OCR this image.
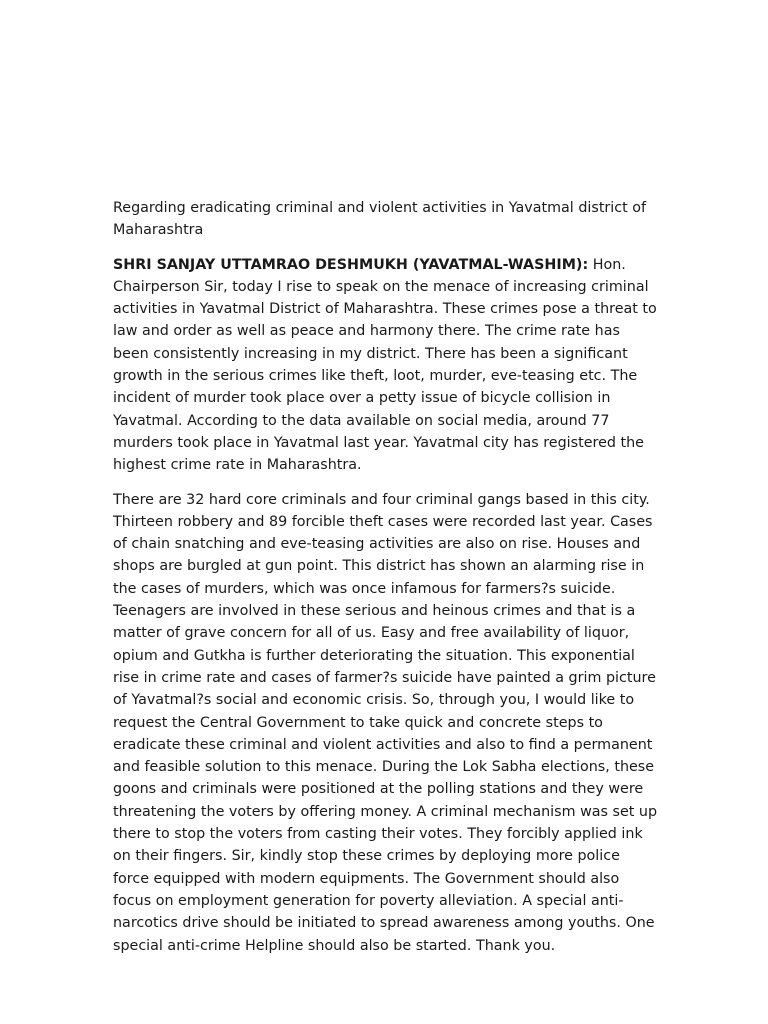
Regarding eradicating criminal and violent activities in Yavatmal district of Maharashtra

SHRI SANJAY UTTAMRAO DESHMUKH (YAVATMAL-WASHIM): Hon. Chairperson Sir, today I rise to speak on the menace of increasing criminal activities in Yavatmal District of Maharashtra. These crimes pose a threat to law and order as well as peace and harmony there. The crime rate has been consistently increasing in my district. There has been a significant growth in the serious crimes like theft, loot, murder, eve-teasing etc. The incident of murder took place over a petty issue of bicycle collision in Yavatmal. According to the data available on social media, around 77 murders took place in Yavatmal last year. Yavatmal city has registered the highest crime rate in Maharashtra.

There are 32 hard core criminals and four criminal gangs based in this city. Thirteen robbery and 89 forcible theft cases were recorded last year. Cases of chain snatching and eve-teasing activities are also on rise. Houses and shops are burgled at gun point. This district has shown an alarming rise in the cases of murders, which was once infamous for farmers?s suicide. Teenagers are involved in these serious and heinous crimes and that is a matter of grave concern for all of us. Easy and free availability of liquor, opium and Gutkha is further deteriorating the situation. This exponential rise in crime rate and cases of farmer?s suicide have painted a grim picture of Yavatmal?s social and economic crisis. So, through you, I would like to request the Central Government to take quick and concrete steps to eradicate these criminal and violent activities and also to find a permanent and feasible solution to this menace. During the Lok Sabha elections, these goons and criminals were positioned at the polling stations and they were threatening the voters by offering money. A criminal mechanism was set up there to stop the voters from casting their votes. They forcibly applied ink on their fingers. Sir, kindly stop these crimes by deploying more police force equipped with modern equipments. The Government should also focus on employment generation for poverty alleviation. A special anti-narcotics drive should be initiated to spread awareness among youths. One special anti-crime Helpline should also be started. Thank you.
